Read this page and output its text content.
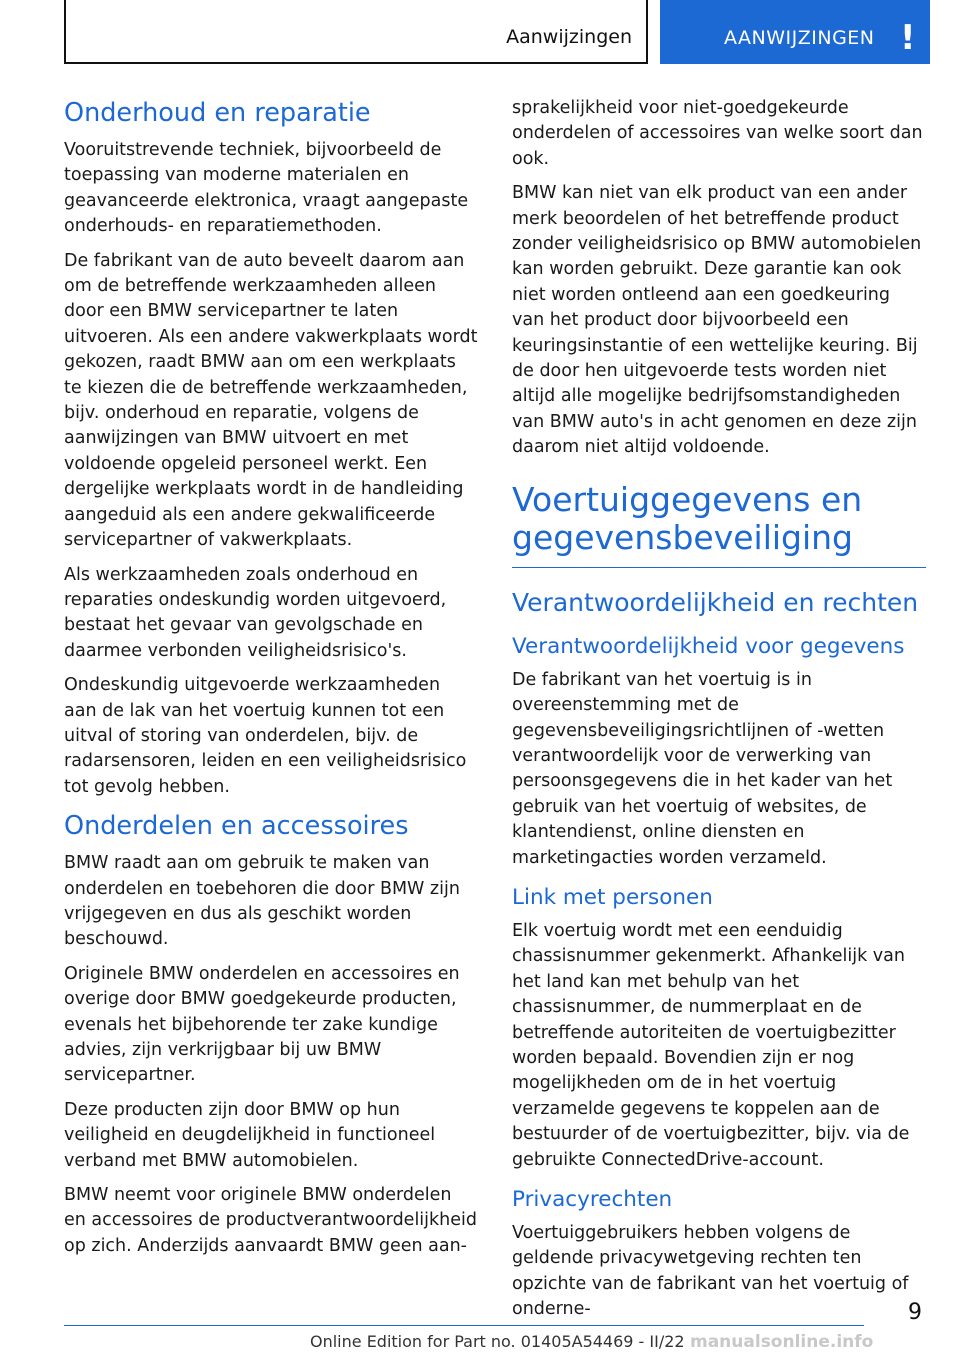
Aanwijzingen	AANWIJZINGEN !
Onderhoud en reparatie

Vooruitstrevende techniek, bijvoorbeeld de toepassing van moderne materialen en geavanceerde elektronica, vraagt aangepaste onderhouds- en reparatiemethoden.

De fabrikant van de auto beveelt daarom aan om de betreffende werkzaamheden alleen door een BMW servicepartner te laten uitvoeren. Als een andere vakwerkplaats wordt gekozen, raadt BMW aan om een werkplaats te kiezen die de betreffende werkzaamheden, bijv. onderhoud en reparatie, volgens de aanwijzingen van BMW uitvoert en met voldoende opgeleid personeel werkt. Een dergelijke werkplaats wordt in de handleiding aangeduid als een andere gekwalificeerde servicepartner of vakwerkplaats.

Als werkzaamheden zoals onderhoud en reparaties ondeskundig worden uitgevoerd, bestaat het gevaar van gevolgschade en daarmee verbonden veiligheidsrisico's.

Ondeskundig uitgevoerde werkzaamheden aan de lak van het voertuig kunnen tot een uitval of storing van onderdelen, bijv. de radarsensoren, leiden en een veiligheidsrisico tot gevolg hebben.

Onderdelen en accessoires

BMW raadt aan om gebruik te maken van onderdelen en toebehoren die door BMW zijn vrijgegeven en dus als geschikt worden beschouwd.

Originele BMW onderdelen en accessoires en overige door BMW goedgekeurde producten, evenals het bijbehorende ter zake kundige advies, zijn verkrijgbaar bij uw BMW servicepartner.

Deze producten zijn door BMW op hun veiligheid en deugdelijkheid in functioneel verband met BMW automobielen.

BMW neemt voor originele BMW onderdelen en accessoires de productverantwoordelijkheid op zich. Anderzijds aanvaardt BMW geen aan-

sprakelijkheid voor niet-goedgekeurde onderdelen of accessoires van welke soort dan ook.

BMW kan niet van elk product van een ander merk beoordelen of het betreffende product zonder veiligheidsrisico op BMW automobielen kan worden gebruikt. Deze garantie kan ook niet worden ontleend aan een goedkeuring van het product door bijvoorbeeld een keuringsinstantie of een wettelijke keuring. Bij de door hen uitgevoerde tests worden niet altijd alle mogelijke bedrijfsomstandigheden van BMW auto's in acht genomen en deze zijn daarom niet altijd voldoende.

Voertuiggegevens en gegevensbeveiliging
Verantwoordelijkheid en rechten
Verantwoordelijkheid voor gegevens

De fabrikant van het voertuig is in overeenstemming met de gegevensbeveiligingsrichtlijnen of -wetten verantwoordelijk voor de verwerking van persoonsgegevens die in het kader van het gebruik van het voertuig of websites, de klantendienst, online diensten en marketingacties worden verzameld.

Link met personen

Elk voertuig wordt met een eenduidig chassisnummer gekenmerkt. Afhankelijk van het land kan met behulp van het chassisnummer, de nummerplaat en de betreffende autoriteiten de voertuigbezitter worden bepaald. Bovendien zijn er nog mogelijkheden om de in het voertuig verzamelde gegevens te koppelen aan de bestuurder of de voertuigbezitter, bijv. via de gebruikte ConnectedDrive-account.

Privacyrechten

Voertuiggebruikers hebben volgens de geldende privacywetgeving rechten ten opzichte van de fabrikant van het voertuig of onderne-	9
Online Edition for Part no. 01405A54469 - II/22 manualsonline.info
